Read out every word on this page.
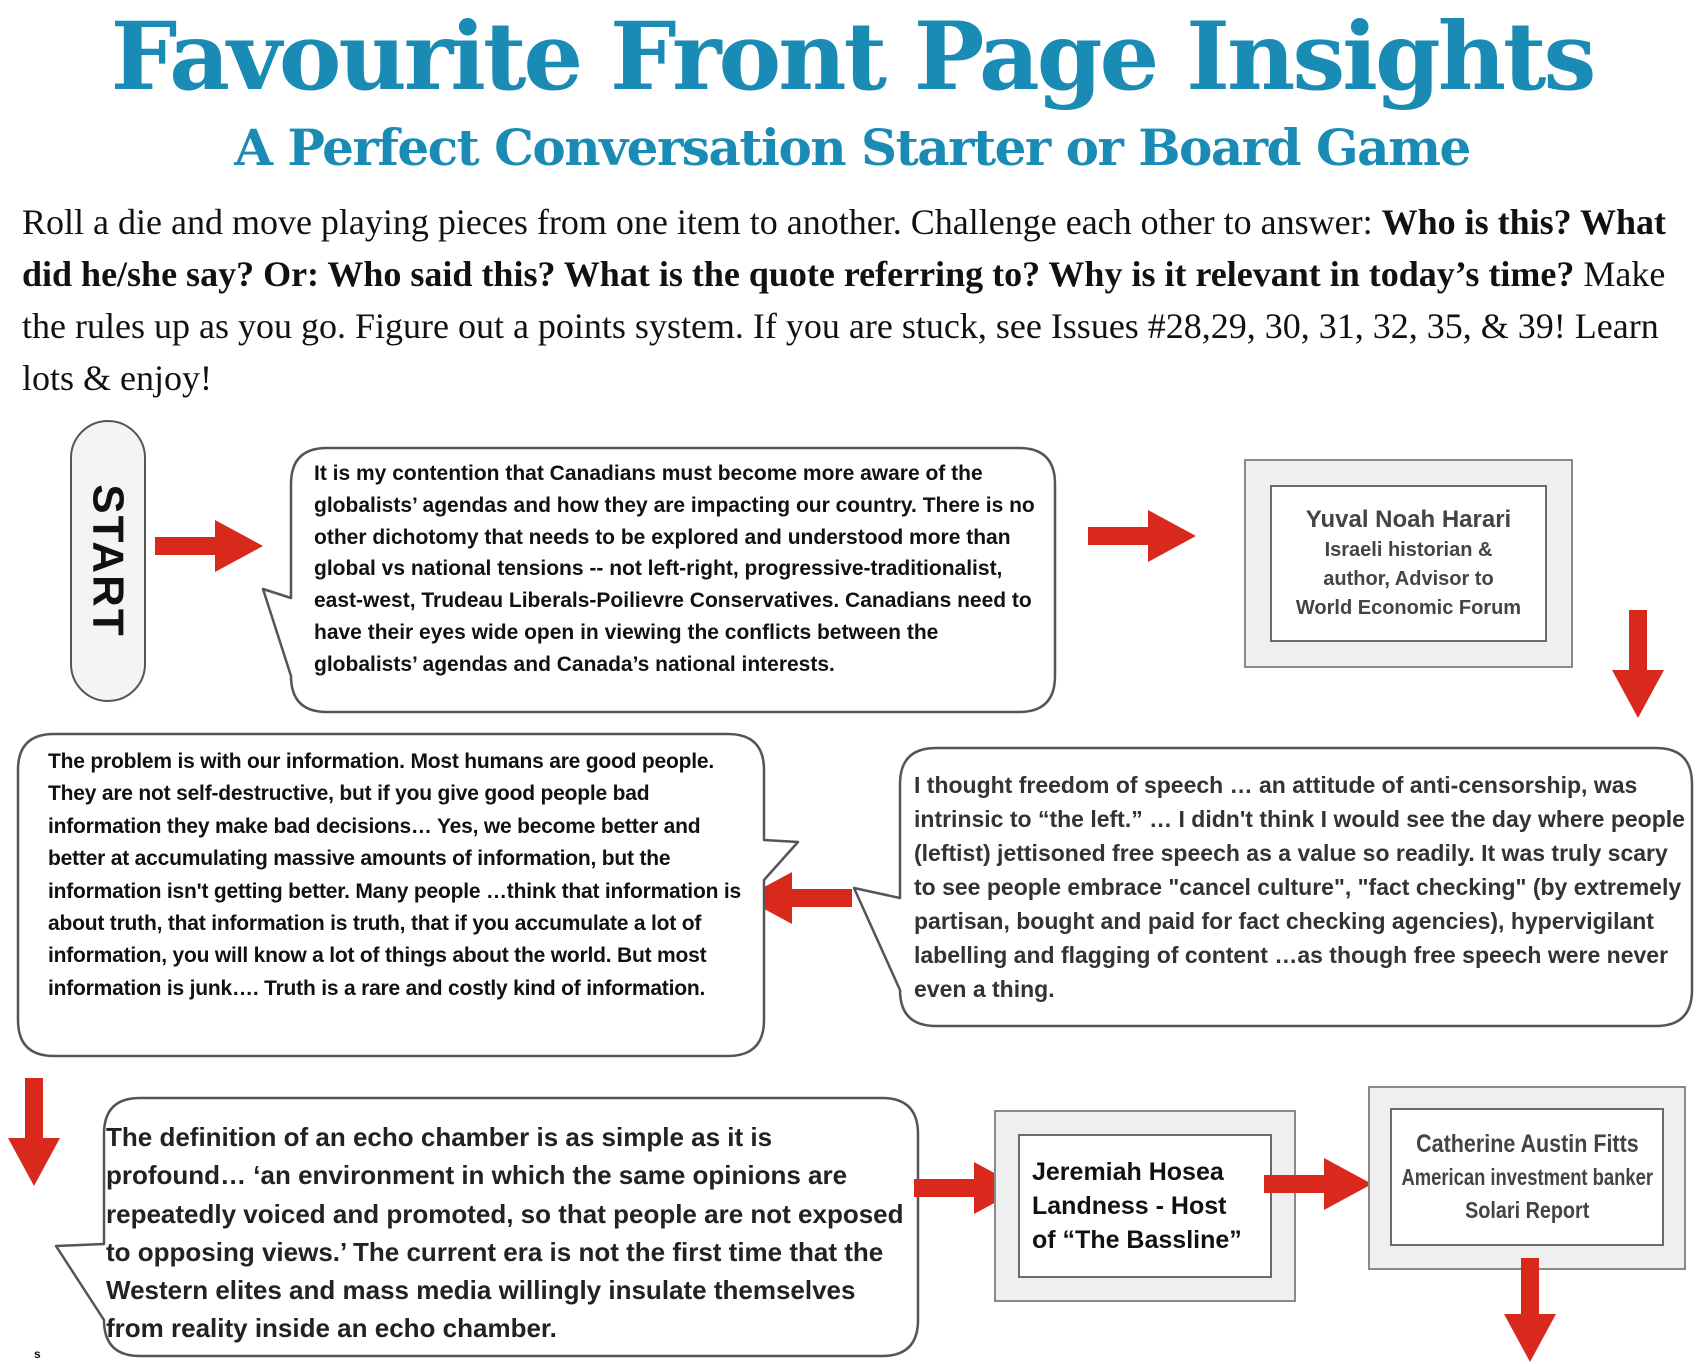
Favourite Front Page Insights
A Perfect Conversation Starter or Board Game

Roll a die and move playing pieces from one item to another. Challenge each other to answer: Who is this? What did he/she say? Or: Who said this? What is the quote referring to? Why is it relevant in today’s time? Make the rules up as you go. Figure out a points system. If you are stuck, see Issues #28,29, 30, 31, 32, 35, & 39! Learn lots & enjoy!

START
It is my contention that Canadians must become more aware of the globalists’ agendas and how they are impacting our country. There is no other dichotomy that needs to be explored and understood more than global vs national tensions -- not left-right, progressive-traditionalist, east-west, Trudeau Liberals-Poilievre Conservatives. Canadians need to have their eyes wide open in viewing the conflicts between the globalists’ agendas and Canada’s national interests.
Yuval Noah Harari
Israeli historian &
author, Advisor to
World Economic Forum
I thought freedom of speech … an attitude of anti-censorship, was intrinsic to “the left.” … I didn't think I would see the day where people (leftist) jettisoned free speech as a value so readily. It was truly scary to see people embrace "cancel culture", "fact checking" (by extremely partisan, bought and paid for fact checking agencies), hypervigilant labelling and flagging of content …as though free speech were never even a thing.
The problem is with our information. Most humans are good people. They are not self-destructive, but if you give good people bad information they make bad decisions… Yes, we become better and better at accumulating massive amounts of information, but the information isn't getting better. Many people …think that information is about truth, that information is truth, that if you accumulate a lot of information, you will know a lot of things about the world. But most information is junk…. Truth is a rare and costly kind of information.
The definition of an echo chamber is as simple as it is profound… ‘an environment in which the same opinions are repeatedly voiced and promoted, so that people are not exposed to opposing views.’ The current era is not the first time that the Western elites and mass media willingly insulate themselves from reality inside an echo chamber.
Jeremiah Hosea
Landness - Host
of “The Bassline”
Catherine Austin Fitts
American investment banker
Solari Report
s
